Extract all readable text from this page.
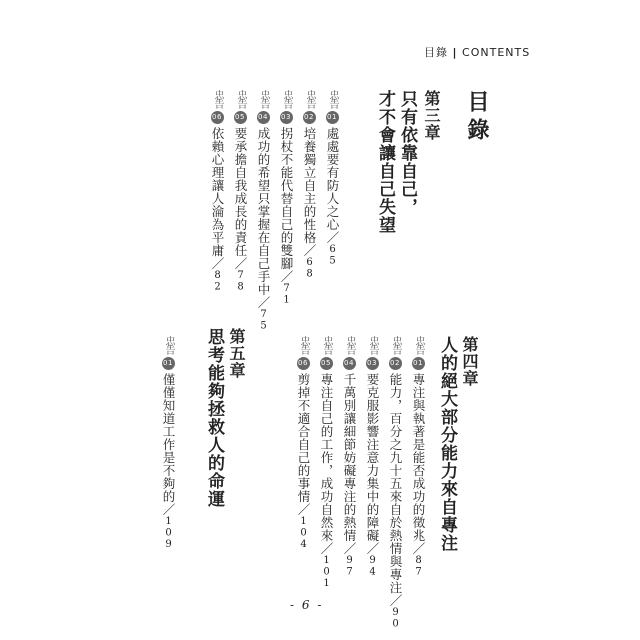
目錄 | CONTENTS
目錄
第三章
只有依靠自己，
才不會讓自己失望
忠告01處處要有防人之心／65
忠告02培養獨立自主的性格／68
忠告03拐杖不能代替自己的雙腳／71
忠告04成功的希望只掌握在自己手中／75
忠告05要承擔自我成長的責任／78
忠告06依賴心理讓人淪為平庸／82
第四章
人的絕大部分能力來自專注
忠告01專注與執著是能否成功的徵兆／87
忠告02能力，百分之九十五來自於熱情與專注／90
忠告03要克服影響注意力集中的障礙／94
忠告04千萬別讓細節妨礙專注的熱情／97
忠告05專注自己的工作，成功自然來／101
忠告06剪掉不適合自己的事情／104
第五章
思考能夠拯救人的命運
忠告01僅僅知道工作是不夠的／109
- 6 -
